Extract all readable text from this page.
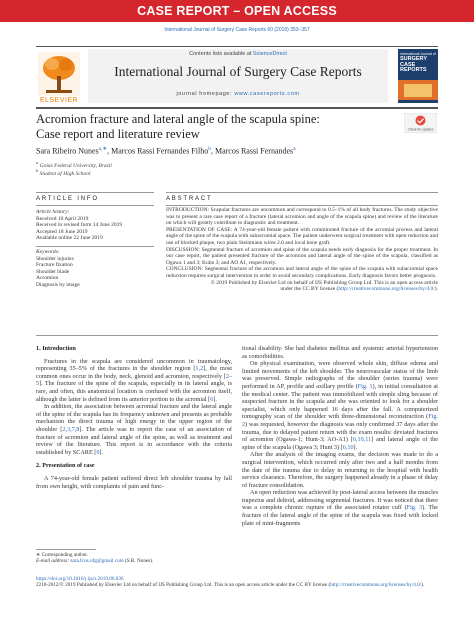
CASE REPORT – OPEN ACCESS
International Journal of Surgery Case Reports 60 (2019) 353–357
ELSEVIER
Contents lists available at ScienceDirect
International Journal of Surgery Case Reports
journal homepage: www.casereports.com
International Journal of
SURGERY CASE REPORTS
Acromion fracture and lateral angle of the scapula spine:
Case report and literature review	Check for updates
Sara Ribeiro Nunes$^{a,∗}$, Marcos Rassi Fernandes Filho$^b$, Marcos Rassi Fernandes$^a$
$^a$ Goiás Federal University, Brazil
$^b$ Student of High School
ARTICLE INFO	ABSTRACT
Article history:
Received 10 April 2019
Received in revised form 14 June 2019
Accepted 18 June 2019
Available online 22 June 2019
Keywords:
Shoulder injuries
Fracture fixation
Shoulder blade
Acromion
Diagnosis by image

INTRODUCTION: Scapular fractures are uncommon and correspond to 0.5–1% of all body fractures. The study objective was to present a rare case report of a fracture (lateral acromion and angle of the scapula spine) and review of the literature on which will greatly contribute to diagnostic and treatment.

PRESENTATION OF CASE: A 74-year-old female patient with comminuted fracture of the acromial process and lateral angle of the spine of the scapula with subacromial space. The patient underwent surgical treatment with open reduction and use of blocked plaque, two plain Steinmann wires 2.0 and local bone graft.

DISCUSSION: Segmental fracture of acromion and spine of the scapula needs early diagnosis for the proper treatment. In our case report, the patient presented fracture of the acromion and lateral angle of the spine of the scapula, classified as Ogawa 1 and 3; Kuhn 3; and AO A1, respectively.

CONCLUSION: Segmental fracture of the acromion and lateral angle of the spine of the scapula with subacromial space reduction requires surgical intervention in order to avoid secondary complications. Early diagnosis favors better prognosis.

© 2019 Published by Elsevier Ltd on behalf of IJS Publishing Group Ltd. This is an open access article
under the CC BY license (http://creativecommons.org/licenses/by/4.0/).

1. Introduction

Fractures in the scapula are considered uncommon in traumatology, representing 35–5% of the fractures in the shoulder region [1,2], the most common ones occur in the body, neck, glenoid and acromion, respectively [2–5]. The fracture of the spine of the scapula, especially in its lateral angle, is rare, and often, this anatomical location is confused with the acromion itself, although the latter is defined from its anterior portion to the acromial [6].

In addition, the association between acromial fracture and the lateral angle of the spine of the scapula has its frequency unknown and presents as probable mechanism the direct trauma of high energy in the upper region of the shoulder [2,3,7,8]. The article was to report the case of an association of fracture of acromion and lateral angle of the spine, as well as treatment and review of the literature. This report is in accordance with the criteria established by SCARE [9].

2. Presentation of case

A 74-year-old female patient suffered direct left shoulder trauma by fall from own height, with complaints of pain and func-

tional disability. She had diabetes mellitus and systemic arterial hypertension as comorbidities.

On physical examination, were observed whole skin, diffuse edema and limited movements of the left shoulder. The neurovascular status of the limb was preserved. Simple radiographs of the shoulder (series trauma) were performed in AP, profile and axillary profile (Fig. 1), in initial consultation at the medical center. The patient was immobilized with simple sling because of suspected fracture in the scapula and she was oriented to look for a shoulder specialist, which only happened 16 days after the fall. A computerized tomography scan of the shoulder with three-dimensional reconstruction (Fig. 2) was requested, however the diagnosis was only confirmed 37 days after the trauma, due to delayed patient return with the exam results: deviated fractures of acromion (Ogawa-1; Hunt-3; AO-A1) [6,10,11] and lateral angle of the spine of the scapula (Ogawa 3; Hunt 3) [6,10].

After the analysis of the imaging exams, the decision was made to do a surgical intervention, which occurred only after two and a half months from the date of the trauma due to delay in returning to the hospital with health service clearance. Therefore, the surgery happened already in a phase of delay of fracture consolidation.

An open reduction was achieved by post-lateral access between the muscles trapezius and deltoid, addressing segmental fractures. It was noticed that there was a complete chronic rupture of the associated rotator cuff (Fig. 3). The fracture of the lateral angle of the spine of the scapula was fixed with locked plate of mini-fragments

∗ Corresponding author.
E-mail address: sara.fcus.ufg@gmail.com (S.R. Nunes).
https://doi.org/10.1016/j.ijscr.2019.06.036
2210-2612/© 2019 Published by Elsevier Ltd on behalf of IJS Publishing Group Ltd. This is an open access article under the CC BY license (http://creativecommons.org/licenses/by/4.0/).
